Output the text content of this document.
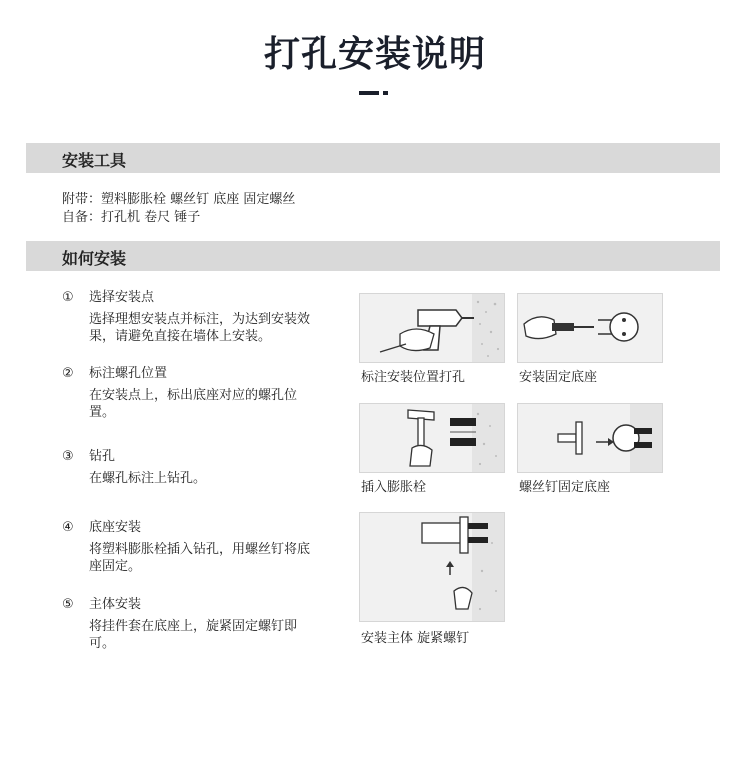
打孔安装说明
安装工具
附带：塑料膨胀栓 螺丝钉 底座 固定螺丝
自备：打孔机 卷尺 锤子
如何安装
①	选择安装点
选择理想安装点并标注，为达到安装效果，请避免直接在墙体上安装。
②	标注螺孔位置
在安装点上，标出底座对应的螺孔位置。
③	钻孔
在螺孔标注上钻孔。
④	底座安装
将塑料膨胀栓插入钻孔，用螺丝钉将底座固定。
⑤	主体安装
将挂件套在底座上，旋紧固定螺钉即可。
标注安装位置打孔	安装固定底座
插入膨胀栓	螺丝钉固定底座
安装主体 旋紧螺钉
